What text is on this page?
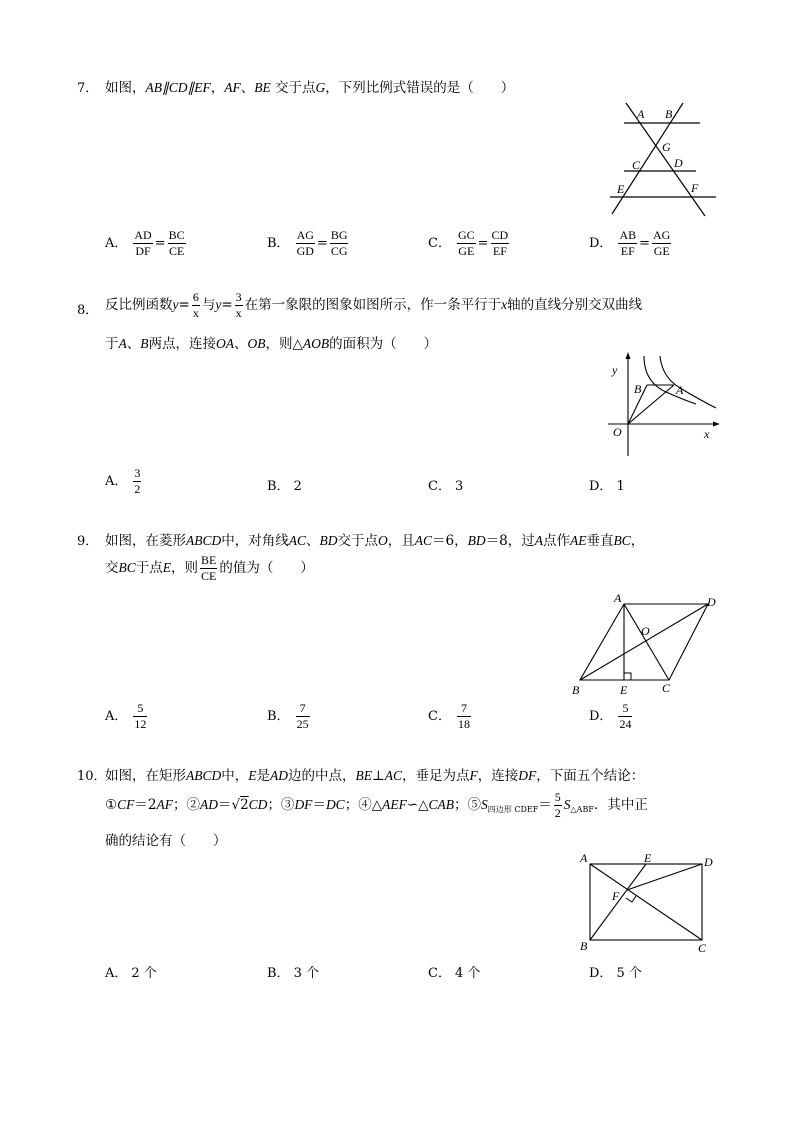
7． 如图，AB∥CD∥EF，AF、BE 交于点G，下列比例式错误的是（　　）
A B
G
C	D
E	F
A． $\frac{AD}{DF} = \frac{BC}{CE}$	B． $\frac{AG}{GD} = \frac{BG}{CG}$	C． $\frac{GC}{GE} = \frac{CD}{EF}$	D． $\frac{AB}{EF} = \frac{AG}{GE}$
8． 反比例函数$y= \frac{6}{x}$ 与$y= \frac{3}{x}$ 在第一象限的图象如图所示，作一条平行于x轴的直线分别交双曲线
于A、B两点，连接OA、OB，则△AOB的面积为（　　）
y
B	A
O	x
A． $\frac{3}{2}$	B． 2	C． 3	D． 1
9． 如图，在菱形ABCD中，对角线AC、BD交于点O，且AC＝6，BD＝8，过A点作AE垂直BC，
交BC于点E，则 $\frac{BE}{CE}$ 的值为（　　）
A	D
O
B	E	C
A． $\frac{5}{12}$	B． $\frac{7}{25}$	C． $\frac{7}{18}$	D． $\frac{5}{24}$
10．
如图，在矩形ABCD中，E是AD边的中点，BE⊥AC，垂足为点F，连接DF，下面五个结论：
①CF＝2AF；②AD＝√2CD；③DF＝DC；④△AEF∽△CAB；$⑤S_{四边形 CDEF}= \frac{5}{2} S_{\triangle ABF}$．其中正
确的结论有（　　）
A	E	D
F
B	C
A． 2 个	B． 3 个	C． 4 个	D． 5 个
